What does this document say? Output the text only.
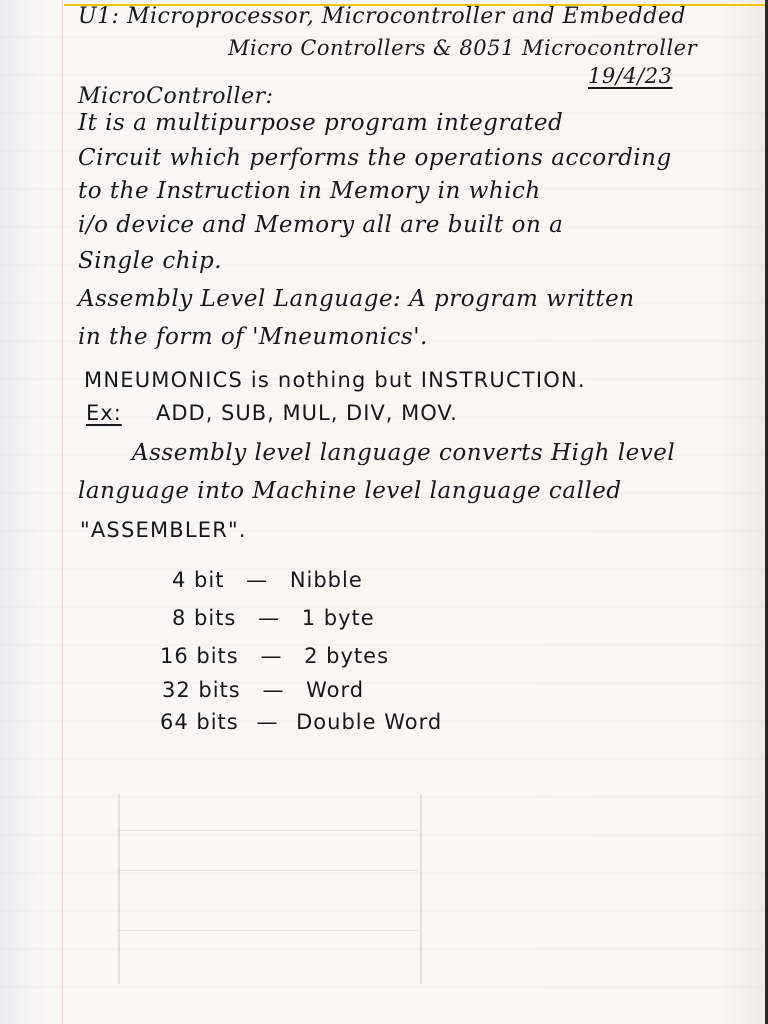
U1: Microprocessor, Microcontroller and Embedded
Micro Controllers & 8051 Microcontroller
19/4/23
MicroController:
It is a multipurpose program integrated
Circuit which performs the operations according
to the Instruction in Memory in which
i/o device and Memory all are built on a
Single chip.
Assembly Level Language: A program written
in the form of 'Mneumonics'.
MNEUMONICS is nothing but INSTRUCTION.
Ex: ADD, SUB, MUL, DIV, MOV.
Assembly level language converts High level
language into Machine level language called
"ASSEMBLER".
4 bit — Nibble
8 bits — 1 byte
16 bits — 2 bytes
32 bits — Word
64 bits — Double Word
